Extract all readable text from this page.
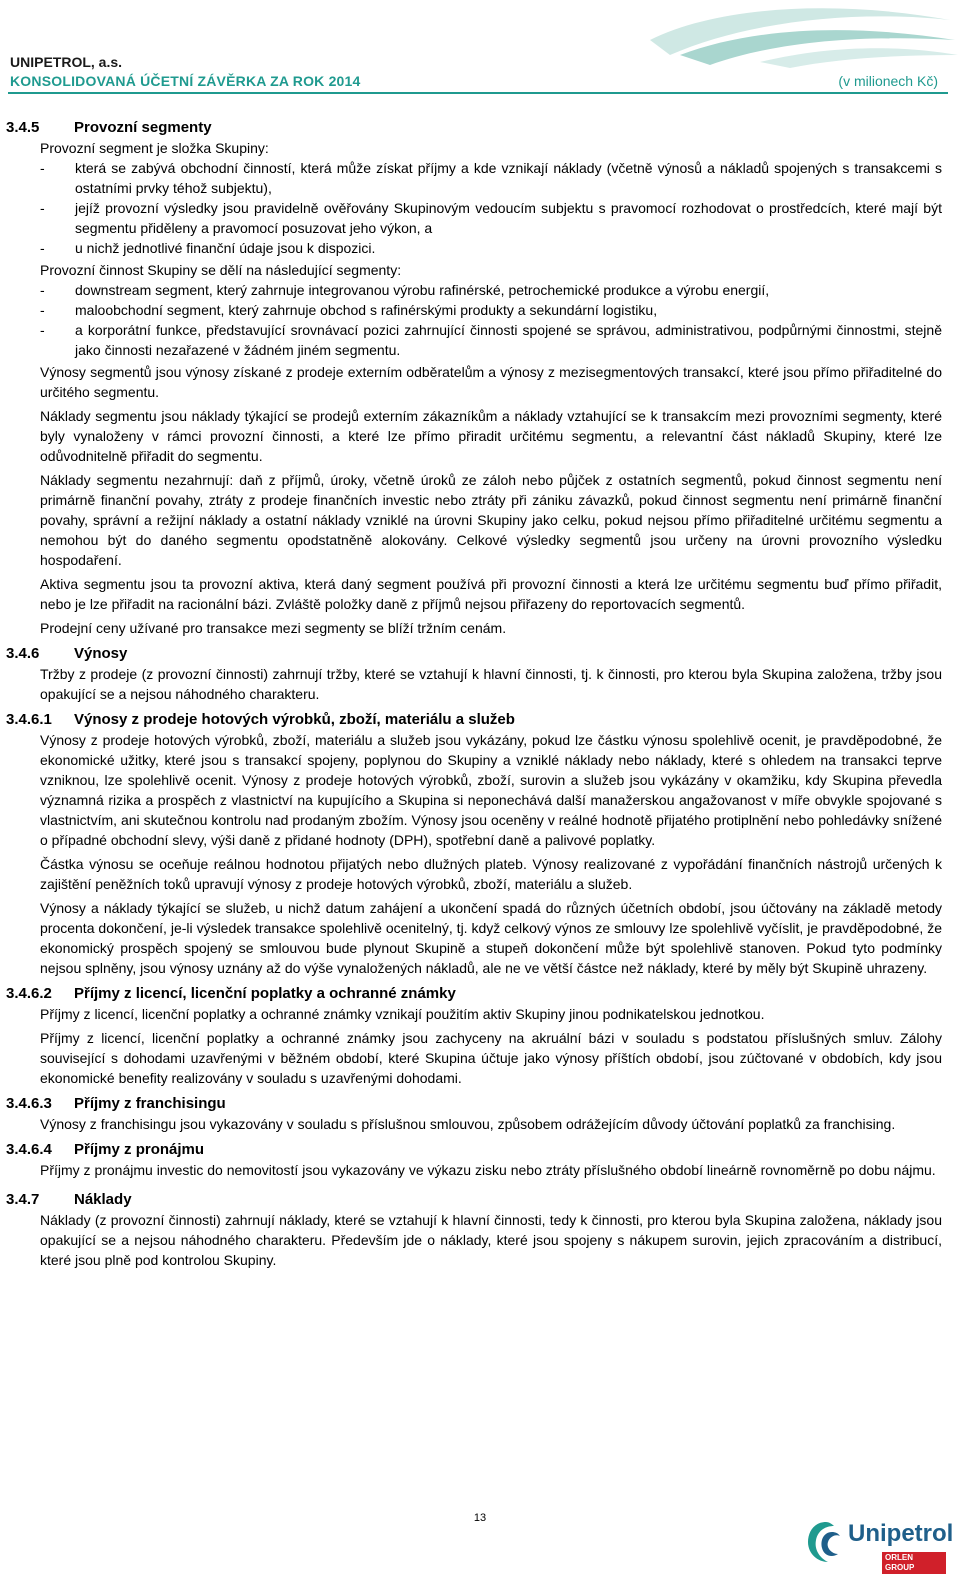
UNIPETROL, a.s.
KONSOLIDOVANÁ ÚČETNÍ ZÁVĚRKA ZA ROK 2014	(v milionech Kč)
3.4.5 Provozní segmenty
Provozní segment je složka Skupiny:
- která se zabývá obchodní činností, která může získat příjmy a kde vznikají náklady (včetně výnosů a nákladů spojených s transakcemi s ostatními prvky téhož subjektu),
- jejíž provozní výsledky jsou pravidelně ověřovány Skupinovým vedoucím subjektu s pravomocí rozhodovat o prostředcích, které mají být segmentu přiděleny a pravomocí posuzovat jeho výkon, a
- u nichž jednotlivé finanční údaje jsou k dispozici.
Provozní činnost Skupiny se dělí na následující segmenty:
- downstream segment, který zahrnuje integrovanou výrobu rafinérské, petrochemické produkce a výrobu energií,
- maloobchodní segment, který zahrnuje obchod s rafinérskými produkty a sekundární logistiku,
- a korporátní funkce, představující srovnávací pozici zahrnující činnosti spojené se správou, administrativou, podpůrnými činnostmi, stejně jako činnosti nezařazené v žádném jiném segmentu.
Výnosy segmentů jsou výnosy získané z prodeje externím odběratelům a výnosy z mezisegmentových transakcí, které jsou přímo přiřaditelné do určitého segmentu.
Náklady segmentu jsou náklady týkající se prodejů externím zákazníkům a náklady vztahující se k transakcím mezi provozními segmenty, které byly vynaloženy v rámci provozní činnosti, a které lze přímo přiradit určitému segmentu, a relevantní část nákladů Skupiny, které lze odůvodnitelně přiřadit do segmentu.
Náklady segmentu nezahrnují: daň z příjmů, úroky, včetně úroků ze záloh nebo půjček z ostatních segmentů, pokud činnost segmentu není primárně finanční povahy, ztráty z prodeje finančních investic nebo ztráty při zániku závazků, pokud činnost segmentu není primárně finanční povahy, správní a režijní náklady a ostatní náklady vzniklé na úrovni Skupiny jako celku, pokud nejsou přímo přiřaditelné určitému segmentu a nemohou být do daného segmentu opodstatněně alokovány. Celkové výsledky segmentů jsou určeny na úrovni provozního výsledku hospodaření.
Aktiva segmentu jsou ta provozní aktiva, která daný segment používá při provozní činnosti a která lze určitému segmentu buď přímo přiřadit, nebo je lze přiřadit na racionální bázi. Zvláště položky daně z příjmů nejsou přiřazeny do reportovacích segmentů.
Prodejní ceny užívané pro transakce mezi segmenty se blíží tržním cenám.
3.4.6 Výnosy
Tržby z prodeje (z provozní činnosti) zahrnují tržby, které se vztahují k hlavní činnosti, tj. k činnosti, pro kterou byla Skupina založena, tržby jsou opakující se a nejsou náhodného charakteru.
3.4.6.1 Výnosy z prodeje hotových výrobků, zboží, materiálu a služeb
Výnosy z prodeje hotových výrobků, zboží, materiálu a služeb jsou vykázány, pokud lze částku výnosu spolehlivě ocenit, je pravděpodobné, že ekonomické užitky, které jsou s transakcí spojeny, poplynou do Skupiny a vzniklé náklady nebo náklady, které s ohledem na transakci teprve vzniknou, lze spolehlivě ocenit. Výnosy z prodeje hotových výrobků, zboží, surovin a služeb jsou vykázány v okamžiku, kdy Skupina převedla významná rizika a prospěch z vlastnictví na kupujícího a Skupina si neponechává další manažerskou angažovanost v míře obvykle spojované s vlastnictvím, ani skutečnou kontrolu nad prodaným zbožím. Výnosy jsou oceněny v reálné hodnotě přijatého protiplnění nebo pohledávky snížené o případné obchodní slevy, výši daně z přidané hodnoty (DPH), spotřební daně a palivové poplatky.
Částka výnosu se oceňuje reálnou hodnotou přijatých nebo dlužných plateb. Výnosy realizované z vypořádání finančních nástrojů určených k zajištění peněžních toků upravují výnosy z prodeje hotových výrobků, zboží, materiálu a služeb.
Výnosy a náklady týkající se služeb, u nichž datum zahájení a ukončení spadá do různých účetních období, jsou účtovány na základě metody procenta dokončení, je-li výsledek transakce spolehlivě ocenitelný, tj. když celkový výnos ze smlouvy lze spolehlivě vyčíslit, je pravděpodobné, že ekonomický prospěch spojený se smlouvou bude plynout Skupině a stupeň dokončení může být spolehlivě stanoven. Pokud tyto podmínky nejsou splněny, jsou výnosy uznány až do výše vynaložených nákladů, ale ne ve větší částce než náklady, které by měly být Skupině uhrazeny.
3.4.6.2 Příjmy z licencí, licenční poplatky a ochranné známky
Příjmy z licencí, licenční poplatky a ochranné známky vznikají použitím aktiv Skupiny jinou podnikatelskou jednotkou.
Příjmy z licencí, licenční poplatky a ochranné známky jsou zachyceny na akruální bázi v souladu s podstatou příslušných smluv. Zálohy související s dohodami uzavřenými v běžném období, které Skupina účtuje jako výnosy příštích období, jsou zúčtované v obdobích, kdy jsou ekonomické benefity realizovány v souladu s uzavřenými dohodami.
3.4.6.3 Příjmy z franchisingu
Výnosy z franchisingu jsou vykazovány v souladu s příslušnou smlouvou, způsobem odrážejícím důvody účtování poplatků za franchising.
3.4.6.4 Příjmy z pronájmu
Příjmy z pronájmu investic do nemovitostí jsou vykazovány ve výkazu zisku nebo ztráty příslušného období lineárně rovnoměrně po dobu nájmu.
3.4.7 Náklady
Náklady (z provozní činnosti) zahrnují náklady, které se vztahují k hlavní činnosti, tedy k činnosti, pro kterou byla Skupina založena, náklady jsou opakující se a nejsou náhodného charakteru. Především jde o náklady, které jsou spojeny s nákupem surovin, jejich zpracováním a distribucí, které jsou plně pod kontrolou Skupiny.
13
Unipetrol
ORLEN GROUP
